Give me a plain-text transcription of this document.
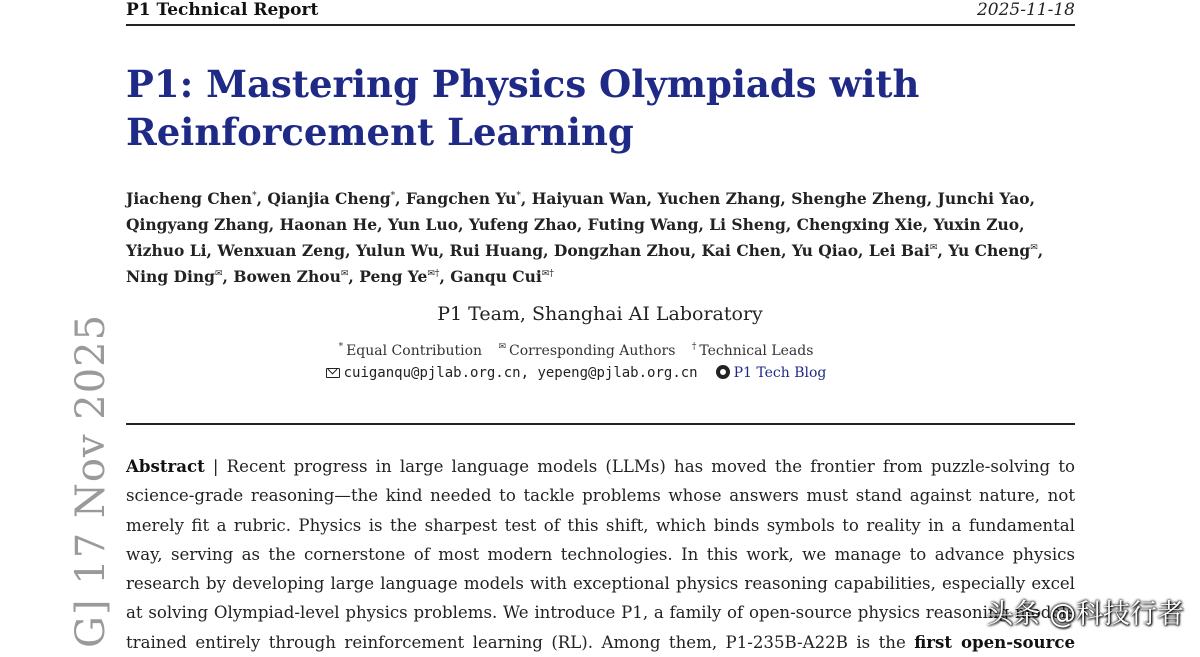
P1 Technical Report	2025-11-18
P1: Mastering Physics Olympiads with
Reinforcement Learning
Jiacheng Chen*, Qianjia Cheng*, Fangchen Yu*, Haiyuan Wan, Yuchen Zhang, Shenghe Zheng, Junchi Yao,
Qingyang Zhang, Haonan He, Yun Luo, Yufeng Zhao, Futing Wang, Li Sheng, Chengxing Xie, Yuxin Zuo,
Yizhuo Li, Wenxuan Zeng, Yulun Wu, Rui Huang, Dongzhan Zhou, Kai Chen, Yu Qiao, Lei Bai✉, Yu Cheng✉,
Ning Ding✉, Bowen Zhou✉, Peng Ye✉†, Ganqu Cui✉†
P1 Team, Shanghai AI Laboratory
* Equal Contribution ✉ Corresponding Authors † Technical Leads
cuiganqu@pjlab.org.cn, yepeng@pjlab.org.cn	P1 Tech Blog
Abstract | Recent progress in large language models (LLMs) has moved the frontier from puzzle-solving to
science-grade reasoning—the kind needed to tackle problems whose answers must stand against nature, not
merely fit a rubric. Physics is the sharpest test of this shift, which binds symbols to reality in a fundamental
way, serving as the cornerstone of most modern technologies. In this work, we manage to advance physics
research by developing large language models with exceptional physics reasoning capabilities, especially excel
at solving Olympiad-level physics problems. We introduce P1, a family of open-source physics reasoning models
trained entirely through reinforcement learning (RL). Among them, P1-235B-A22B is the first open-source
G] 17 Nov 2025	头条 @科技行者
